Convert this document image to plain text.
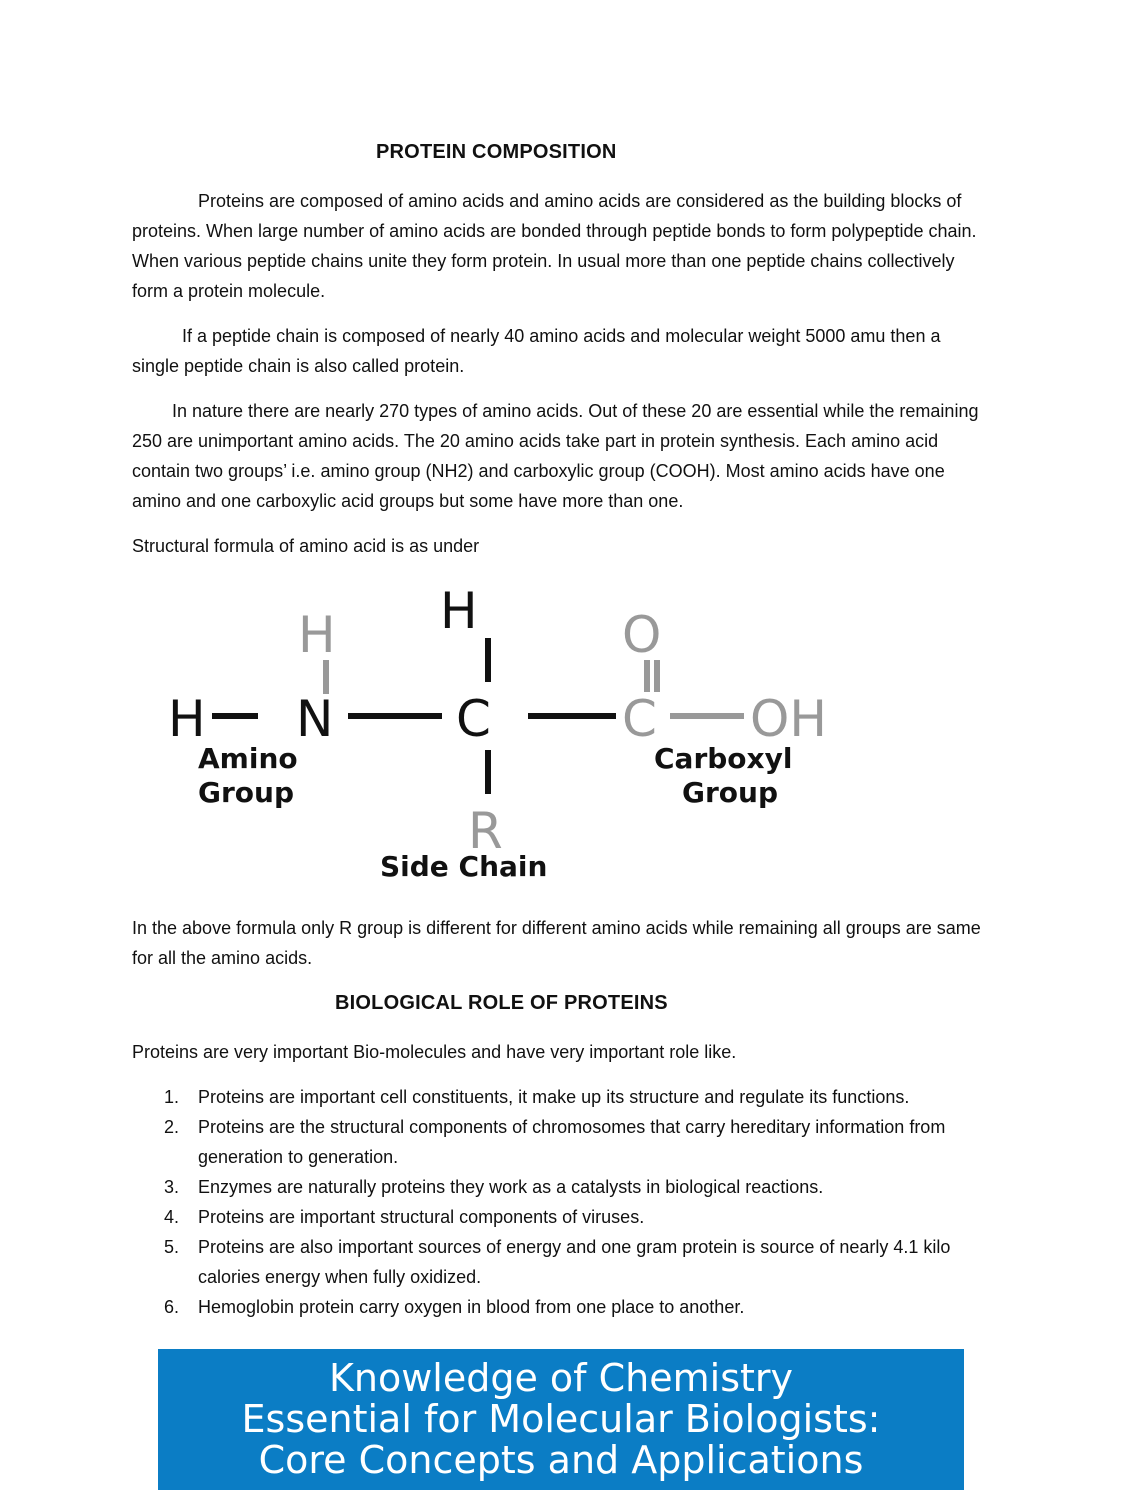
PROTEIN COMPOSITION

Proteins are composed of amino acids and amino acids are considered as the building blocks of proteins. When large number of amino acids are bonded through peptide bonds to form polypeptide chain. When various peptide chains unite they form protein. In usual more than one peptide chains collectively form a protein molecule.

If a peptide chain is composed of nearly 40 amino acids and molecular weight 5000 amu then a single peptide chain is also called protein.

In nature there are nearly 270 types of amino acids. Out of these 20 are essential while the remaining 250 are unimportant amino acids. The 20 amino acids take part in protein synthesis. Each amino acid contain two groups’ i.e. amino group (NH2) and carboxylic group (COOH). Most amino acids have one amino and one carboxylic acid groups but some have more than one.

Structural formula of amino acid is as under

H
H
H N C	C
O
OH
R
Amino
Group
Carboxyl
Group
Side Chain

In the above formula only R group is different for different amino acids while remaining all groups are same for all the amino acids.

BIOLOGICAL ROLE OF PROTEINS

Proteins are very important Bio-molecules and have very important role like.

1. Proteins are important cell constituents, it make up its structure and regulate its functions.
2. Proteins are the structural components of chromosomes that carry hereditary information from generation to generation.
3. Enzymes are naturally proteins they work as a catalysts in biological reactions.
4. Proteins are important structural components of viruses.
5. Proteins are also important sources of energy and one gram protein is source of nearly 4.1 kilo calories energy when fully oxidized.
6. Hemoglobin protein carry oxygen in blood from one place to another.
Knowledge of Chemistry Essential for Molecular Biologists: Core Concepts and Applications
